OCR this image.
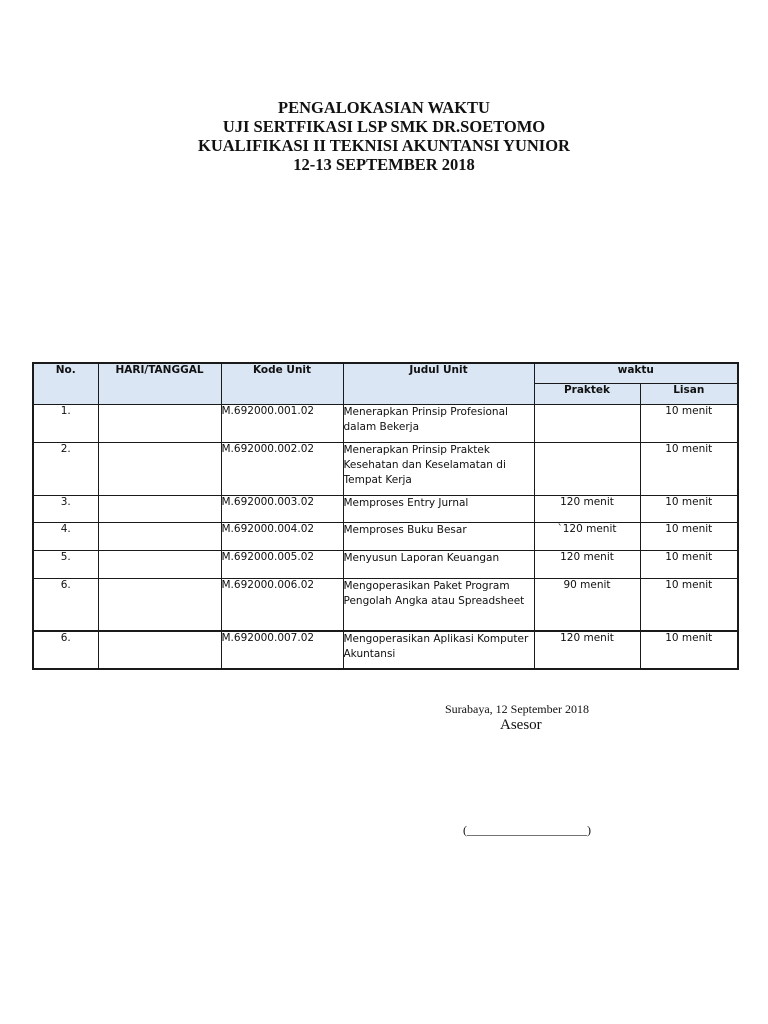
PENGALOKASIAN WAKTU
UJI SERTFIKASI LSP SMK DR.SOETOMO
KUALIFIKASI II TEKNISI AKUNTANSI YUNIOR
12-13 SEPTEMBER 2018
No.	HARI/TANGGAL	Kode Unit	Judul Unit	waktu	
				Praktek	Lisan
1.		M.692000.001.02	Menerapkan Prinsip Profesional dalam Bekerja		10 menit
2.		M.692000.002.02	Menerapkan Prinsip Praktek Kesehatan dan Keselamatan di Tempat Kerja		10 menit
3.		M.692000.003.02	Memproses Entry Jurnal	120 menit	10 menit
4.		M.692000.004.02	Memproses Buku Besar	`120 menit	10 menit
5.		M.692000.005.02	Menyusun Laporan Keuangan	120 menit	10 menit
6.		M.692000.006.02	Mengoperasikan Paket Program Pengolah Angka atau Spreadsheet	90 menit	10 menit
6.		M.692000.007.02	Mengoperasikan Aplikasi Komputer Akuntansi	120 menit	10 menit
Surabaya, 12 September 2018
Asesor
(____________________)
